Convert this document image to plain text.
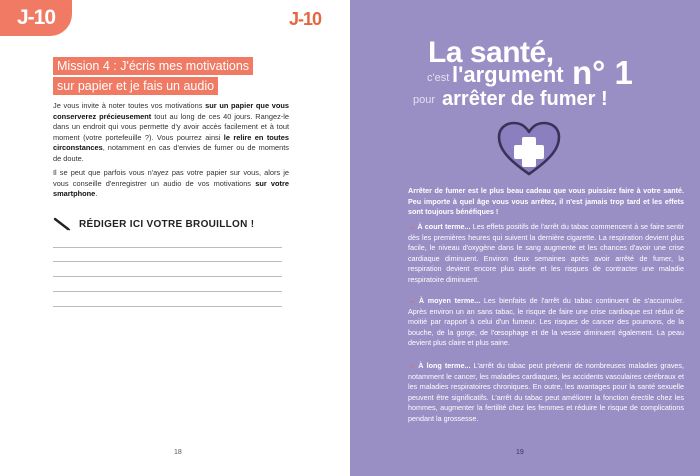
J-10
Mission 4 : J'écris mes motivations
sur papier et je fais un audio

Je vous invite à noter toutes vos motivations sur un papier que vous conserverez précieusement tout au long de ces 40 jours. Rangez-le dans un endroit qui vous permette d'y avoir accès facilement et à tout moment (votre portefeuille ?). Vous pourrez ainsi le relire en toutes circonstances, notamment en cas d'envies de fumer ou de moments de doute.

Il se peut que parfois vous n'ayez pas votre papier sur vous, alors je vous conseille d'enregistrer un audio de vos motivations sur votre smartphone.

RÉDIGER ICI VOTRE BROUILLON !
18
J-10
La santé,
c'est l'argument n° 1
pour arrêter de fumer !

Arrêter de fumer est le plus beau cadeau que vous puissiez faire à votre santé. Peu importe à quel âge vous vous arrêtez, il n'est jamais trop tard et les effets sont toujours bénéfiques !

→ À court terme... Les effets positifs de l'arrêt du tabac commencent à se faire sentir dès les premières heures qui suivent la dernière cigarette. La respiration devient plus facile, le niveau d'oxygène dans le sang augmente et les chances d'avoir une crise cardiaque diminuent. Environ deux semaines après avoir arrêté de fumer, la respiration devient encore plus aisée et les risques de contracter une maladie respiratoire diminuent.

→ À moyen terme... Les bienfaits de l'arrêt du tabac continuent de s'accumuler. Après environ un an sans tabac, le risque de faire une crise cardiaque est réduit de moitié par rapport à celui d'un fumeur. Les risques de cancer des poumons, de la bouche, de la gorge, de l'œsophage et de la vessie diminuent également. La peau devient plus claire et plus saine.

→ À long terme... L'arrêt du tabac peut prévenir de nombreuses maladies graves, notamment le cancer, les maladies cardiaques, les accidents vasculaires cérébraux et les maladies respiratoires chroniques. En outre, les avantages pour la santé sexuelle peuvent être significatifs. L'arrêt du tabac peut améliorer la fonction érectile chez les hommes, augmenter la fertilité chez les femmes et réduire le risque de complications pendant la grossesse.

19
